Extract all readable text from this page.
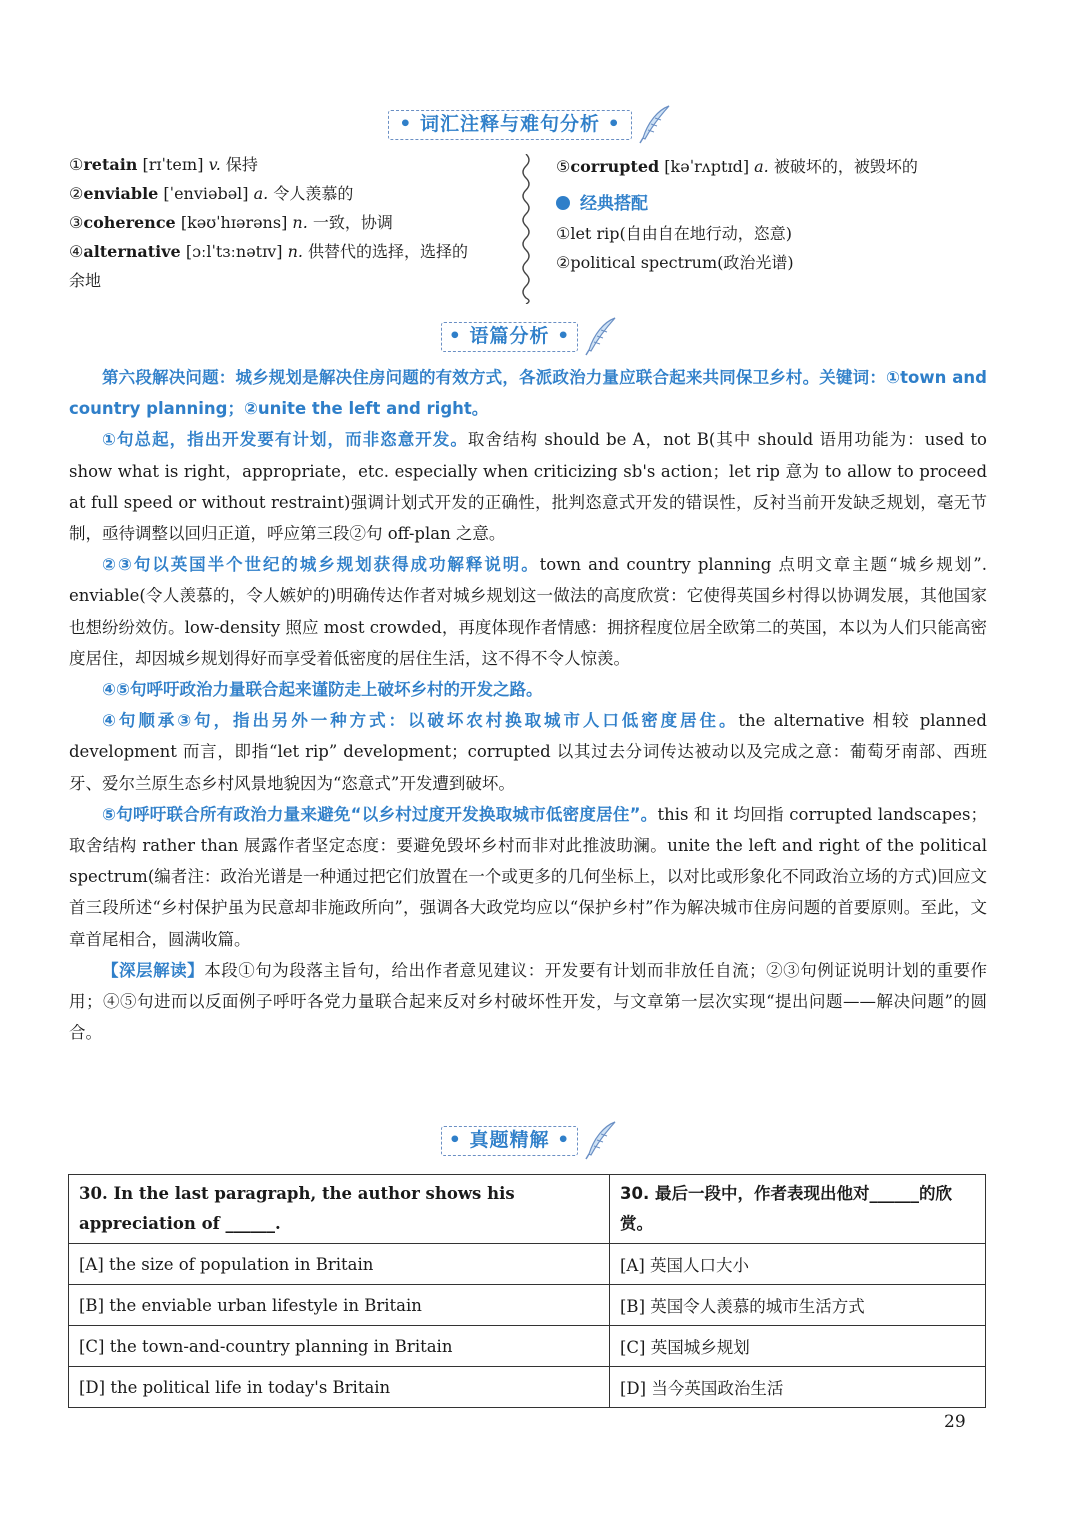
• 词汇注释与难句分析 •
①retain [rɪˈteɪn] v. 保持
②enviable [ˈenviəbəl] a. 令人羡慕的
③coherence [kəʊˈhɪərəns] n. 一致，协调
④alternative [ɔːlˈtɜːnətɪv] n. 供替代的选择，选择的
余地
⑤corrupted [kəˈrʌptɪd] a. 被破坏的，被毁坏的
经典搭配
①let rip(自由自在地行动，恣意)
②political spectrum(政治光谱)
• 语篇分析 •

第六段解决问题：城乡规划是解决住房问题的有效方式，各派政治力量应联合起来共同保卫乡村。关键词：①town and country planning；②unite the left and right。

①句总起，指出开发要有计划，而非恣意开发。取舍结构 should be A，not B(其中 should 语用功能为：used to show what is right，appropriate，etc. especially when criticizing sb's action；let rip 意为 to allow to proceed at full speed or without restraint)强调计划式开发的正确性，批判恣意式开发的错误性，反衬当前开发缺乏规划，毫无节制，亟待调整以回归正道，呼应第三段②句 off-plan 之意。

②③句以英国半个世纪的城乡规划获得成功解释说明。town and country planning 点明文章主题“城乡规划”. enviable(令人羡慕的，令人嫉妒的)明确传达作者对城乡规划这一做法的高度欣赏：它使得英国乡村得以协调发展，其他国家也想纷纷效仿。low-density 照应 most crowded，再度体现作者情感：拥挤程度位居全欧第二的英国，本以为人们只能高密度居住，却因城乡规划得好而享受着低密度的居住生活，这不得不令人惊羡。

④⑤句呼吁政治力量联合起来谨防走上破坏乡村的开发之路。

④句顺承③句，指出另外一种方式：以破坏农村换取城市人口低密度居住。the alternative 相较 planned development 而言，即指“let rip” development；corrupted 以其过去分词传达被动以及完成之意：葡萄牙南部、西班牙、爱尔兰原生态乡村风景地貌因为“恣意式”开发遭到破坏。

⑤句呼吁联合所有政治力量来避免“以乡村过度开发换取城市低密度居住”。this 和 it 均回指 corrupted landscapes；取舍结构 rather than 展露作者坚定态度：要避免毁坏乡村而非对此推波助澜。unite the left and right of the political spectrum(编者注：政治光谱是一种通过把它们放置在一个或更多的几何坐标上，以对比或形象化不同政治立场的方式)回应文首三段所述“乡村保护虽为民意却非施政所向”，强调各大政党均应以“保护乡村”作为解决城市住房问题的首要原则。至此，文章首尾相合，圆满收篇。

【深层解读】本段①句为段落主旨句，给出作者意见建议：开发要有计划而非放任自流；②③句例证说明计划的重要作用；④⑤句进而以反面例子呼吁各党力量联合起来反对乡村破坏性开发，与文章第一层次实现“提出问题——解决问题”的圆合。

• 真题精解 •
30. In the last paragraph, the author shows his appreciation of ______.	30. 最后一段中，作者表现出他对______的欣赏。
[A] the size of population in Britain	[A] 英国人口大小
[B] the enviable urban lifestyle in Britain	[B] 英国令人羡慕的城市生活方式
[C] the town-and-country planning in Britain	[C] 英国城乡规划
[D] the political life in today's Britain	[D] 当今英国政治生活
29
